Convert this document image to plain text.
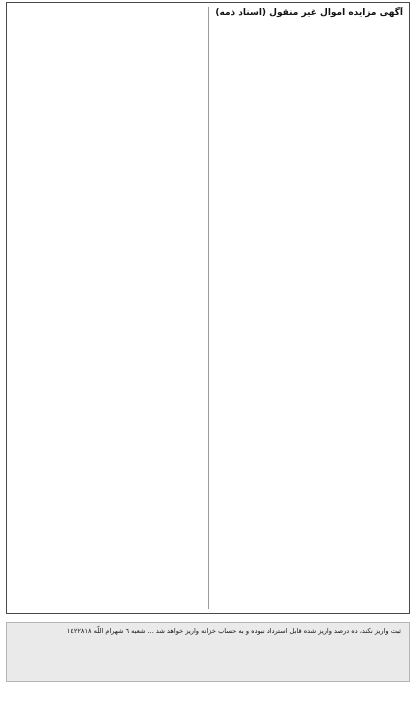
آگهی مزایده اموال غیر منقول (اسناد ذمه)

ثبت واریز نکند، ده درصد واریز شده قابل استرداد نبوده و به حساب خزانه واریز خواهد شد ... شعبه ٦ شهرام اللّه ١٤٢٢٨١٨
